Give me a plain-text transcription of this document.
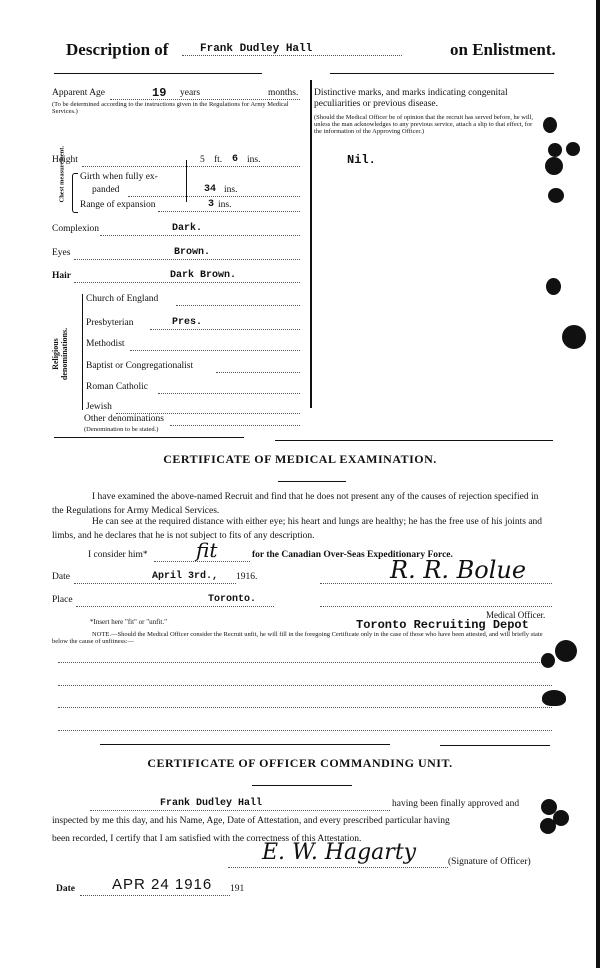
Description of	Frank Dudley Hall	on Enlistment.
Apparent Age	19 years	months.
(To be determined according to the instructions given in the Regulations for Army Medical Services.)
Height	5 ft. 6 ins.
Chest measurement. Girth when fully ex-
panded	34 ins.
Range of expansion	3 ins.
Complexion	Dark.
Eyes	Brown.
Hair	Dark Brown.
Religious denominations.
Church of England
Presbyterian	Pres.
Methodist
Baptist or Congregationalist
Roman Catholic
Jewish
Other denominations
(Denomination to be stated.)
Distinctive marks, and marks indicating congenital
peculiarities or previous disease.
(Should the Medical Officer be of opinion that the recruit has served before, he will, unless the man acknowledges to any previous service, attach a slip to that effect, for the information of the Approving Officer.)
Nil.
CERTIFICATE OF MEDICAL EXAMINATION.
I have examined the above-named Recruit and find that he does not present any of the causes of rejection specified in the Regulations for Army Medical Services.
He can see at the required distance with either eye; his heart and lungs are healthy; he has the free use of his joints and limbs, and he declares that he is not subject to fits of any description.
I consider him* fit	for the Canadian Over-Seas Expeditionary Force.
Date	April 3rd., 1916.	R. R. Bolue
Place	Toronto.
Medical Officer.
Toronto Recruiting Depot
*Insert here "fit" or "unfit."
NOTE.—Should the Medical Officer consider the Recruit unfit, he will fill in the foregoing Certificate only in the case of those who have been attested, and will briefly state below the cause of unfitness:—
CERTIFICATE OF OFFICER COMMANDING UNIT.
Frank Dudley Hall	having been finally approved and
inspected by me this day, and his Name, Age, Date of Attestation, and every prescribed particular having
been recorded, I certify that I am satisfied with the correctness of this Attestation.
E. W. Hagarty	(Signature of Officer)
Date APR 24 1916 191
